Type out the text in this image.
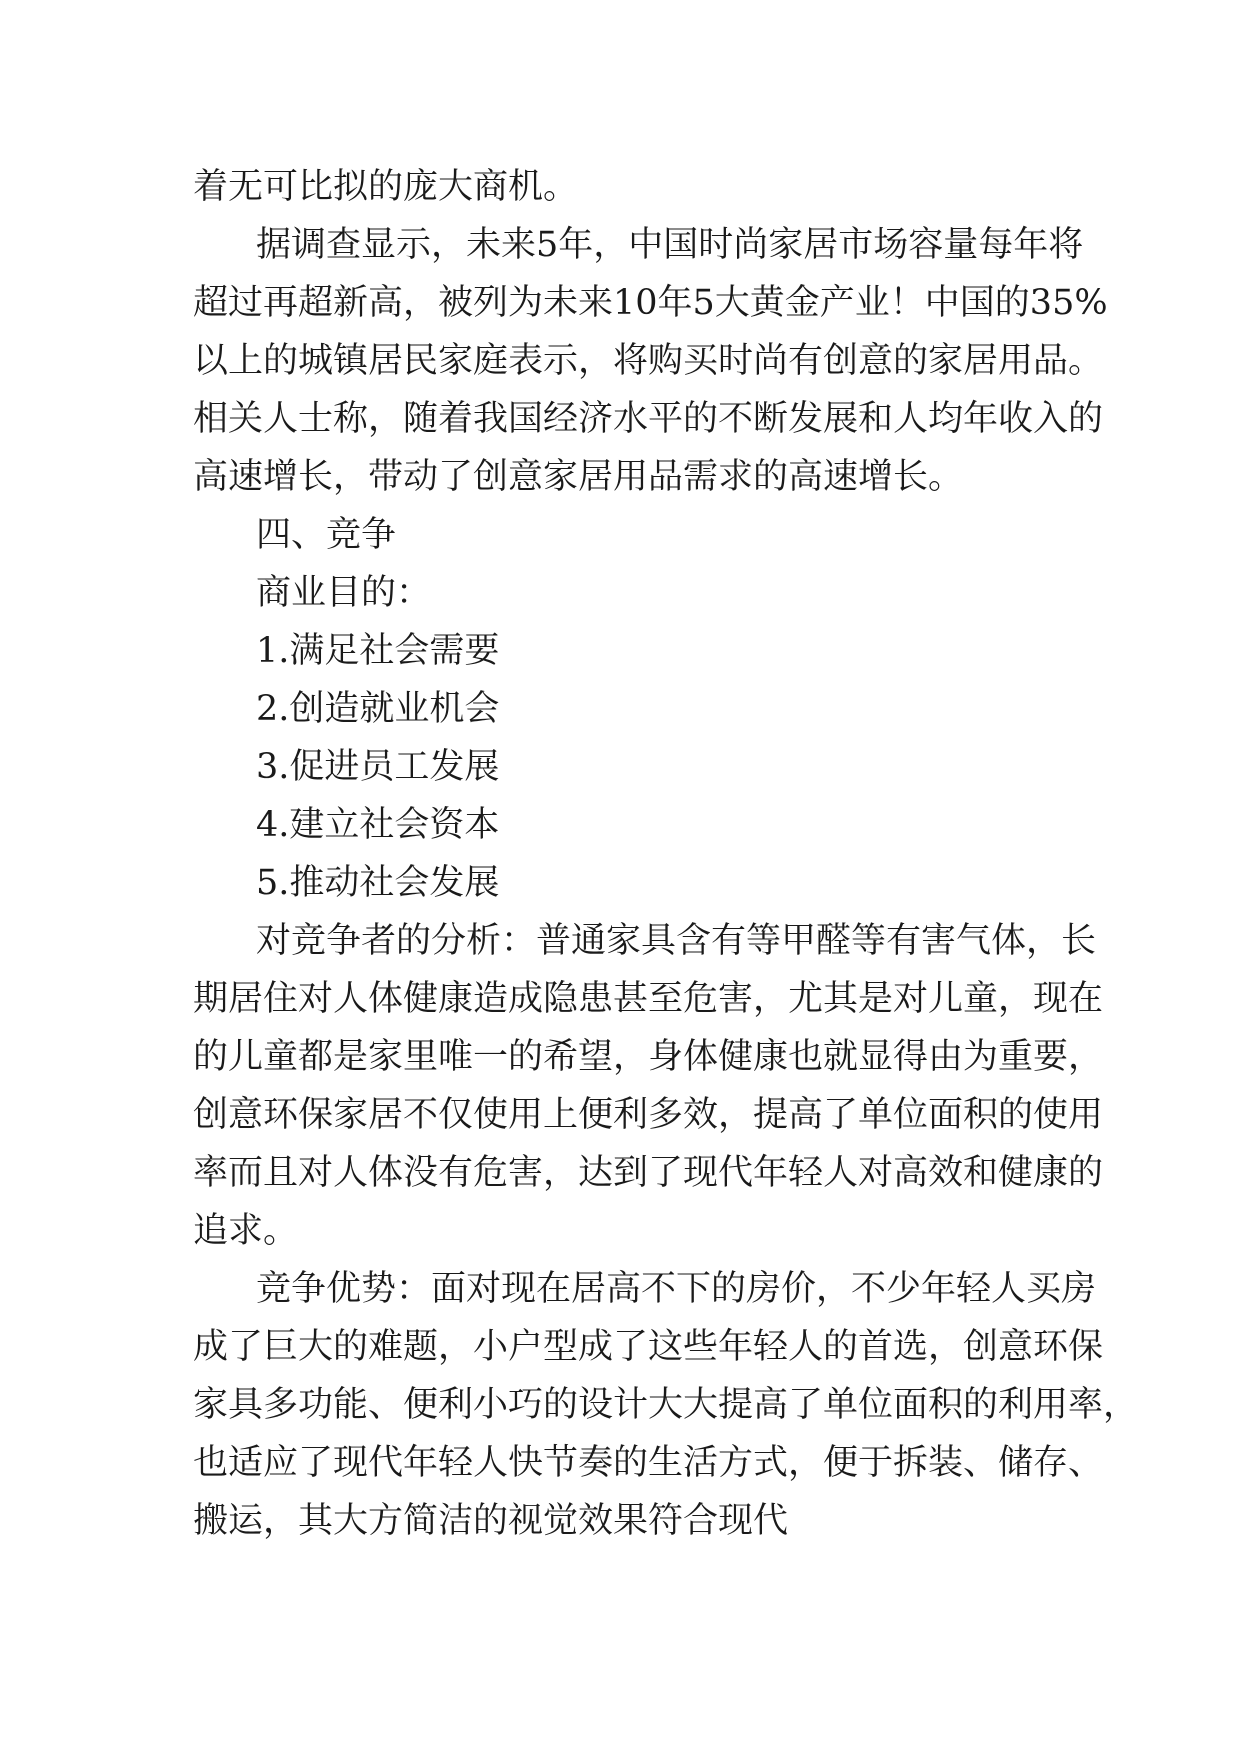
着无可比拟的庞大商机。
据调查显示，未来5年，中国时尚家居市场容量每年将
超过再超新高，被列为未来10年5大黄金产业！中国的35%
以上的城镇居民家庭表示，将购买时尚有创意的家居用品。
相关人士称，随着我国经济水平的不断发展和人均年收入的
高速增长，带动了创意家居用品需求的高速增长。
四、竞争
商业目的：
1.满足社会需要
2.创造就业机会
3.促进员工发展
4.建立社会资本
5.推动社会发展
对竞争者的分析：普通家具含有等甲醛等有害气体，长
期居住对人体健康造成隐患甚至危害，尤其是对儿童，现在
的儿童都是家里唯一的希望，身体健康也就显得由为重要，
创意环保家居不仅使用上便利多效，提高了单位面积的使用
率而且对人体没有危害，达到了现代年轻人对高效和健康的
追求。
竞争优势：面对现在居高不下的房价，不少年轻人买房
成了巨大的难题，小户型成了这些年轻人的首选，创意环保
家具多功能、便利小巧的设计大大提高了单位面积的利用率，
也适应了现代年轻人快节奏的生活方式，便于拆装、储存、
搬运，其大方简洁的视觉效果符合现代
